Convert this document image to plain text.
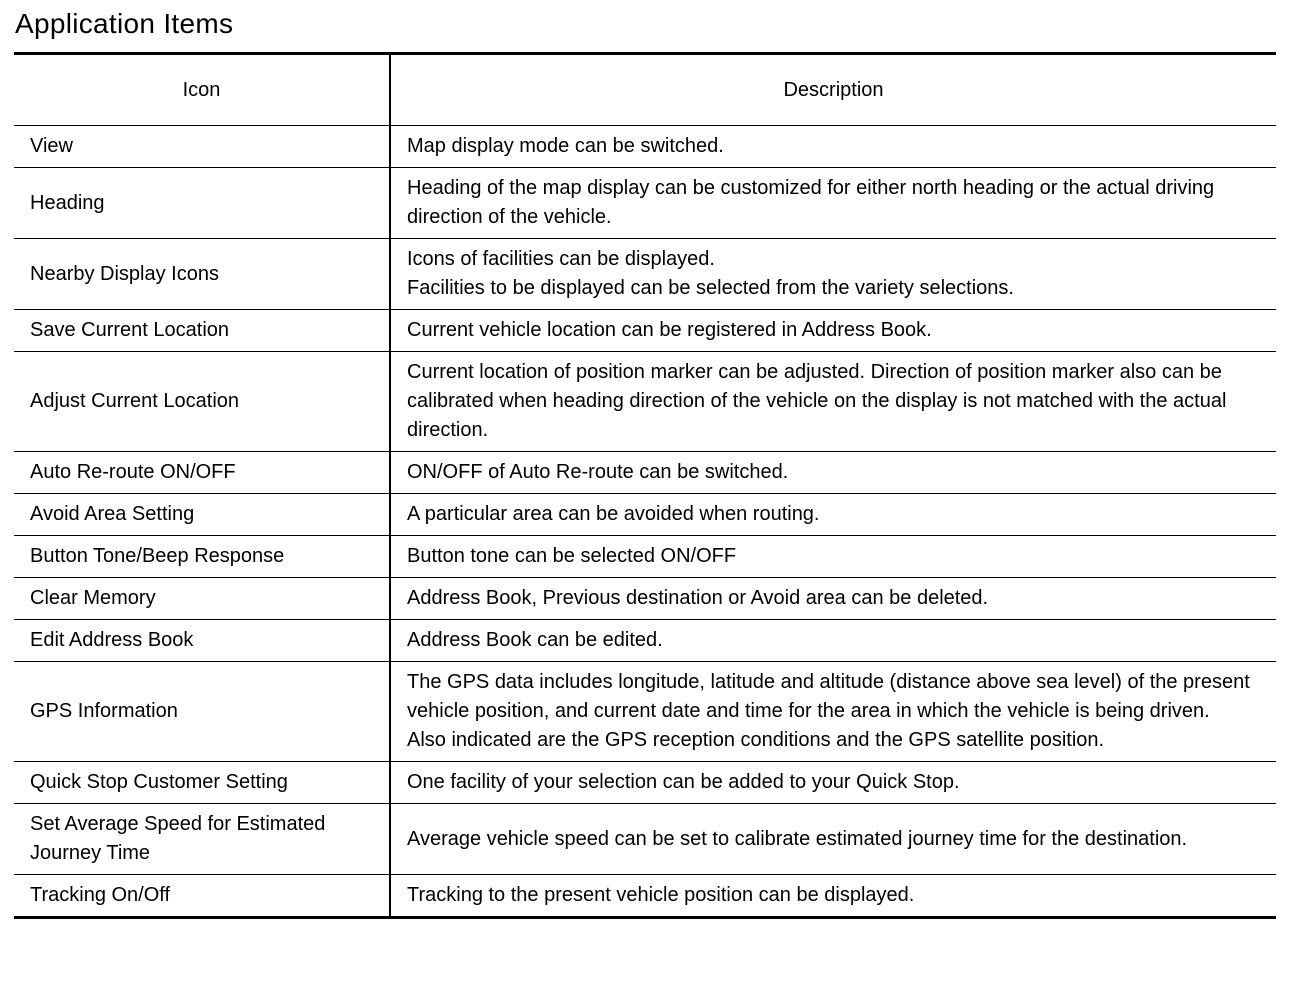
Application Items
Icon	Description
View	Map display mode can be switched.

Heading	Heading of the map display can be customized for either north heading or the actual driving direction of the vehicle.

Nearby Display Icons	Icons of facilities can be displayed.
Facilities to be displayed can be selected from the variety selections.

Save Current Location	Current vehicle location can be registered in Address Book.

Adjust Current Location	Current location of position marker can be adjusted. Direction of position marker also can be calibrated when heading direction of the vehicle on the display is not matched with the actual direction.

Auto Re-route ON/OFF	ON/OFF of Auto Re-route can be switched.

Avoid Area Setting	A particular area can be avoided when routing.

Button Tone/Beep Response	Button tone can be selected ON/OFF

Clear Memory	Address Book, Previous destination or Avoid area can be deleted.

Edit Address Book	Address Book can be edited.

GPS Information	The GPS data includes longitude, latitude and altitude (distance above sea level) of the present vehicle position, and current date and time for the area in which the vehicle is being driven.
Also indicated are the GPS reception conditions and the GPS satellite position.

Quick Stop Customer Setting	One facility of your selection can be added to your Quick Stop.

Set Average Speed for Estimated Journey Time	Average vehicle speed can be set to calibrate estimated journey time for the destination.

Tracking On/Off	Tracking to the present vehicle position can be displayed.
